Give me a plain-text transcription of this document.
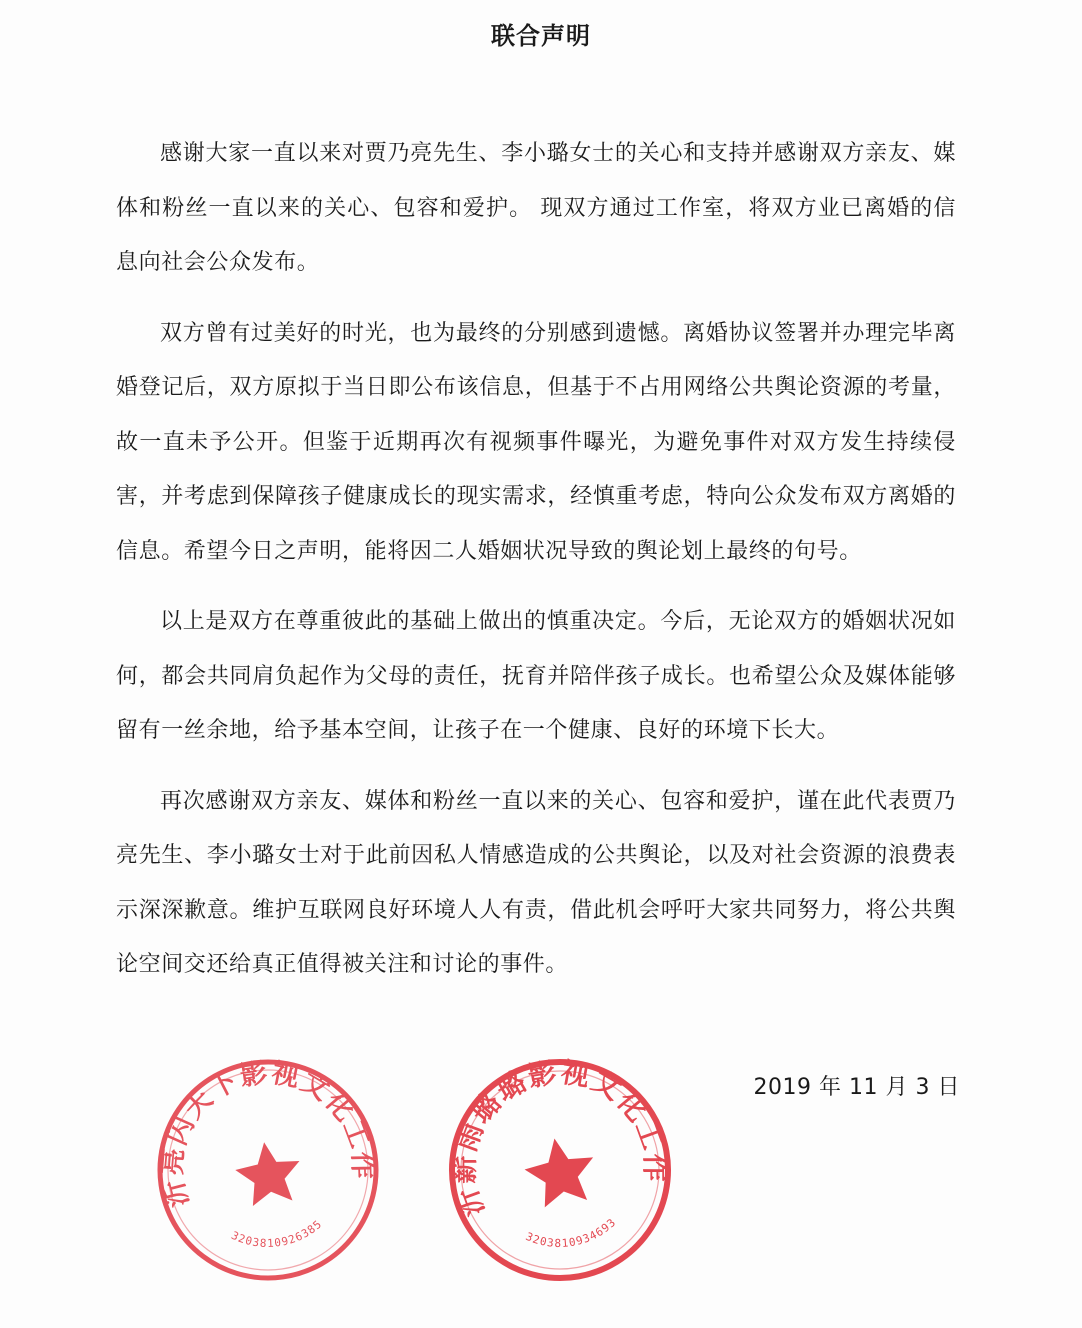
联合声明

感谢大家一直以来对贾乃亮先生、李小璐女士的关心和支持并感谢双方亲友、媒体和粉丝一直以来的关心、包容和爱护。 现双方通过工作室，将双方业已离婚的信息向社会公众发布。

双方曾有过美好的时光，也为最终的分别感到遗憾。离婚协议签署并办理完毕离婚登记后，双方原拟于当日即公布该信息，但基于不占用网络公共舆论资源的考量，故一直未予公开。但鉴于近期再次有视频事件曝光，为避免事件对双方发生持续侵害，并考虑到保障孩子健康成长的现实需求，经慎重考虑，特向公众发布双方离婚的信息。希望今日之声明，能将因二人婚姻状况导致的舆论划上最终的句号。

以上是双方在尊重彼此的基础上做出的慎重决定。今后，无论双方的婚姻状况如何，都会共同肩负起作为父母的责任，抚育并陪伴孩子成长。也希望公众及媒体能够留有一丝余地，给予基本空间，让孩子在一个健康、良好的环境下长大。

再次感谢双方亲友、媒体和粉丝一直以来的关心、包容和爱护，谨在此代表贾乃亮先生、李小璐女士对于此前因私人情感造成的公共舆论，以及对社会资源的浪费表示深深歉意。维护互联网良好环境人人有责，借此机会呼吁大家共同努力，将公共舆论空间交还给真正值得被关注和讨论的事件。

2019 年 11 月 3 日
新沂亮闪天下影视文化工作室
3203810926385
新沂薪雨璐璐影视文化工作室
3203810934693
